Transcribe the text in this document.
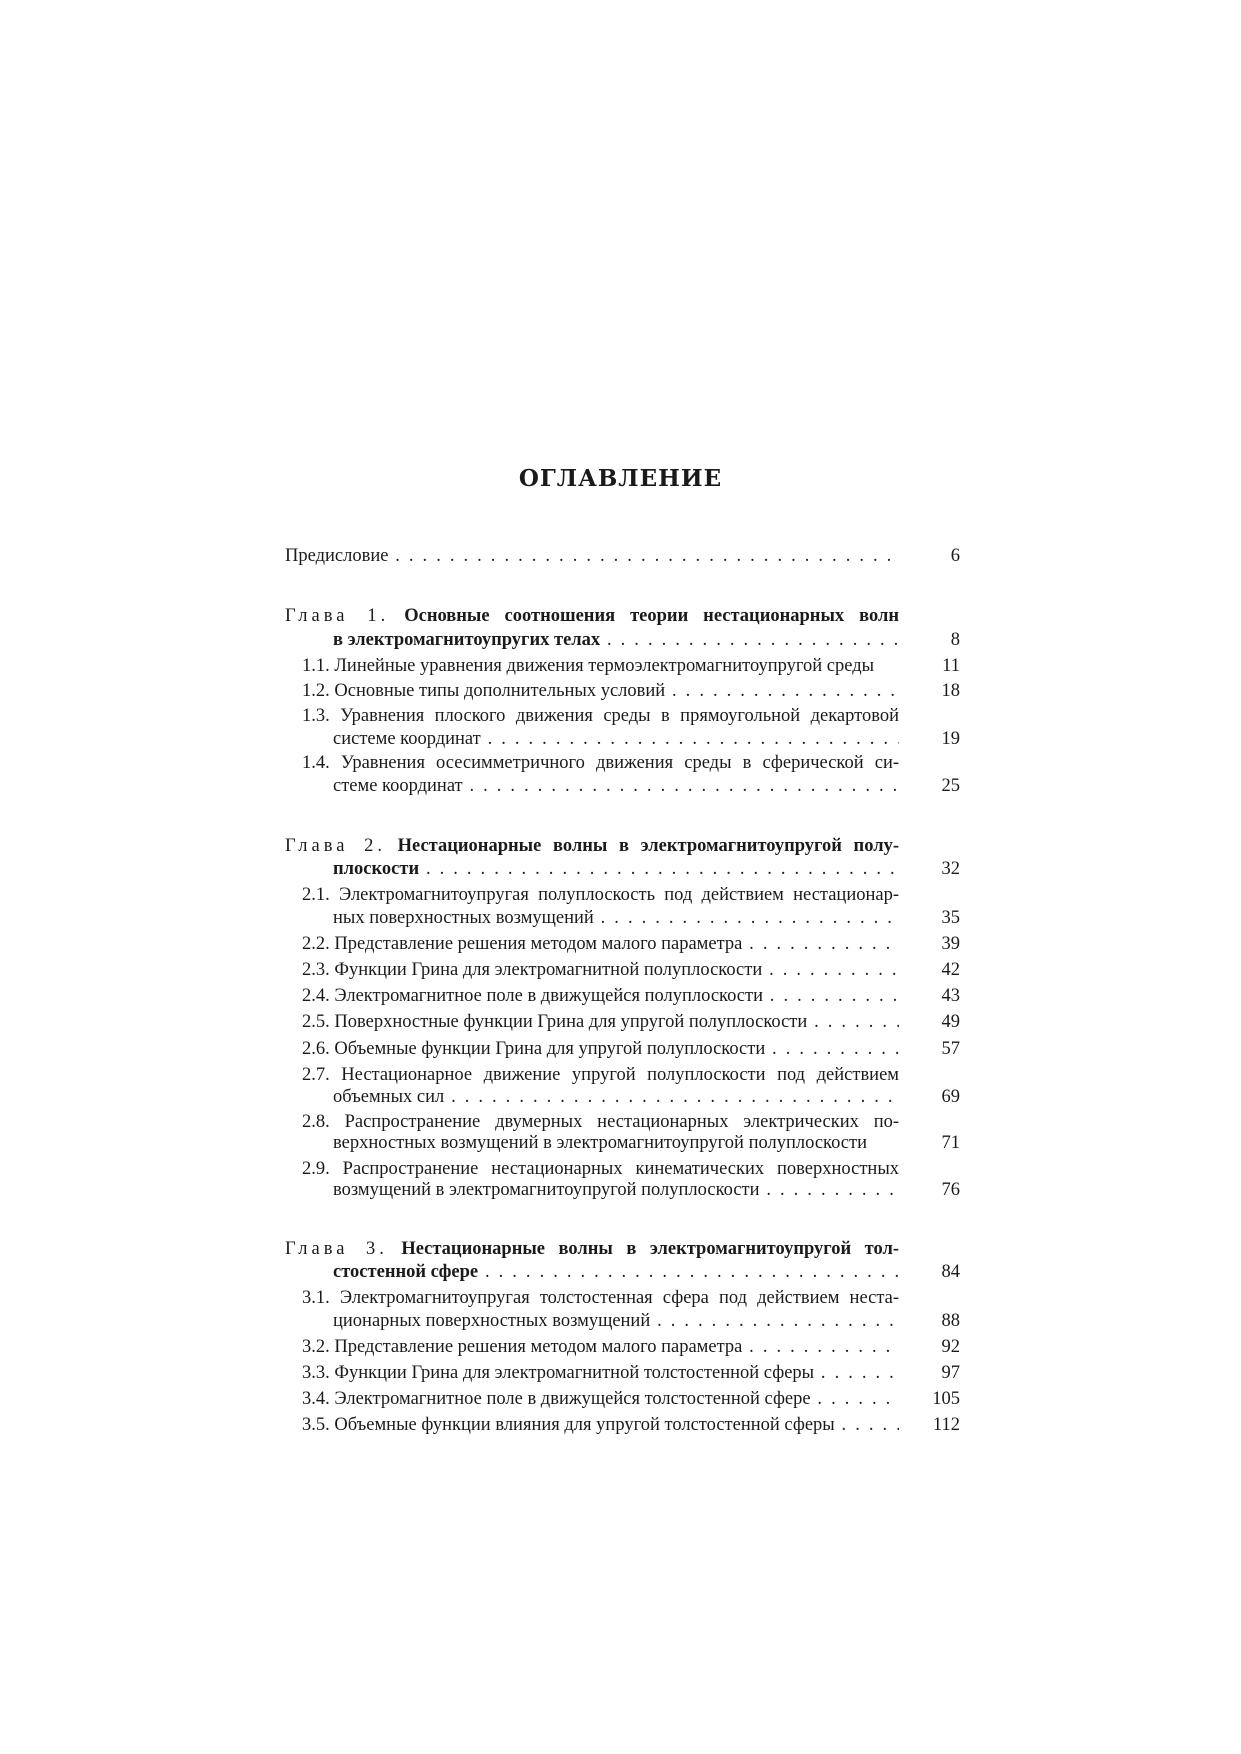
ОГЛАВЛЕНИЕ
Предисловие . . .	6
Глава 1. Основные соотношения теории нестационарных волн
в электромагнитоупругих телах . . .	8
1.1. Линейные уравнения движения термоэлектромагнитоупругой среды	11
1.2. Основные типы дополнительных условий . . .	18
1.3. Уравнения плоского движения среды в прямоугольной декартовой
системе координат . . .	19
1.4. Уравнения осесимметричного движения среды в сферической си-
стеме координат . . .	25
Глава 2. Нестационарные волны в электромагнитоупругой полу-
плоскости . . .	32
2.1. Электромагнитоупругая полуплоскость под действием нестационар-
ных поверхностных возмущений . . .	35
2.2. Представление решения методом малого параметра . . .	39
2.3. Функции Грина для электромагнитной полуплоскости . . .	42
2.4. Электромагнитное поле в движущейся полуплоскости . . .	43
2.5. Поверхностные функции Грина для упругой полуплоскости . . .	49
2.6. Объемные функции Грина для упругой полуплоскости . . .	57
2.7. Нестационарное движение упругой полуплоскости под действием
объемных сил . . .	69
2.8. Распространение двумерных нестационарных электрических по-
верхностных возмущений в электромагнитоупругой полуплоскости	71
2.9. Распространение нестационарных кинематических поверхностных
возмущений в электромагнитоупругой полуплоскости . . .	76
Глава 3. Нестационарные волны в электромагнитоупругой тол-
стостенной сфере . . .	84
3.1. Электромагнитоупругая толстостенная сфера под действием неста-
ционарных поверхностных возмущений . . .	88
3.2. Представление решения методом малого параметра . . .	92
3.3. Функции Грина для электромагнитной толстостенной сферы . . .	97
3.4. Электромагнитное поле в движущейся толстостенной сфере . . .	105
3.5. Объемные функции влияния для упругой толстостенной сферы . . .	112
